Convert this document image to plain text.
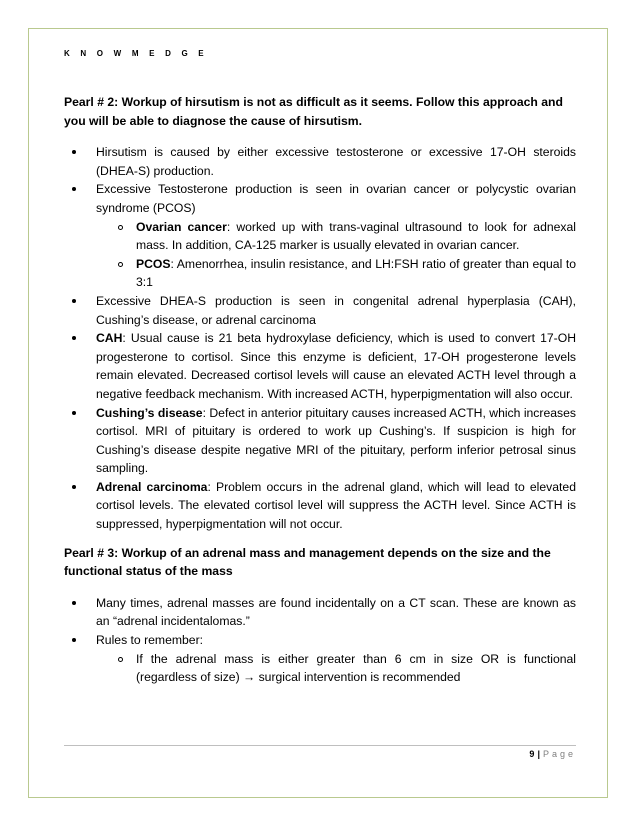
K N O W M E D G E

Pearl # 2: Workup of hirsutism is not as difficult as it seems. Follow this approach and you will be able to diagnose the cause of hirsutism.

Hirsutism is caused by either excessive testosterone or excessive 17-OH steroids (DHEA-S) production.
Excessive Testosterone production is seen in ovarian cancer or polycystic ovarian syndrome (PCOS)
Ovarian cancer: worked up with trans-vaginal ultrasound to look for adnexal mass. In addition, CA-125 marker is usually elevated in ovarian cancer.
PCOS: Amenorrhea, insulin resistance, and LH:FSH ratio of greater than equal to 3:1
Excessive DHEA-S production is seen in congenital adrenal hyperplasia (CAH), Cushing’s disease, or adrenal carcinoma
CAH: Usual cause is 21 beta hydroxylase deficiency, which is used to convert 17-OH progesterone to cortisol. Since this enzyme is deficient, 17-OH progesterone levels remain elevated. Decreased cortisol levels will cause an elevated ACTH level through a negative feedback mechanism. With increased ACTH, hyperpigmentation will also occur.
Cushing’s disease: Defect in anterior pituitary causes increased ACTH, which increases cortisol. MRI of pituitary is ordered to work up Cushing’s. If suspicion is high for Cushing’s disease despite negative MRI of the pituitary, perform inferior petrosal sinus sampling.
Adrenal carcinoma: Problem occurs in the adrenal gland, which will lead to elevated cortisol levels. The elevated cortisol level will suppress the ACTH level. Since ACTH is suppressed, hyperpigmentation will not occur.

Pearl # 3: Workup of an adrenal mass and management depends on the size and the functional status of the mass

Many times, adrenal masses are found incidentally on a CT scan. These are known as an “adrenal incidentalomas.”
Rules to remember:
If the adrenal mass is either greater than 6 cm in size OR is functional (regardless of size) → surgical intervention is recommended
9 | Page
